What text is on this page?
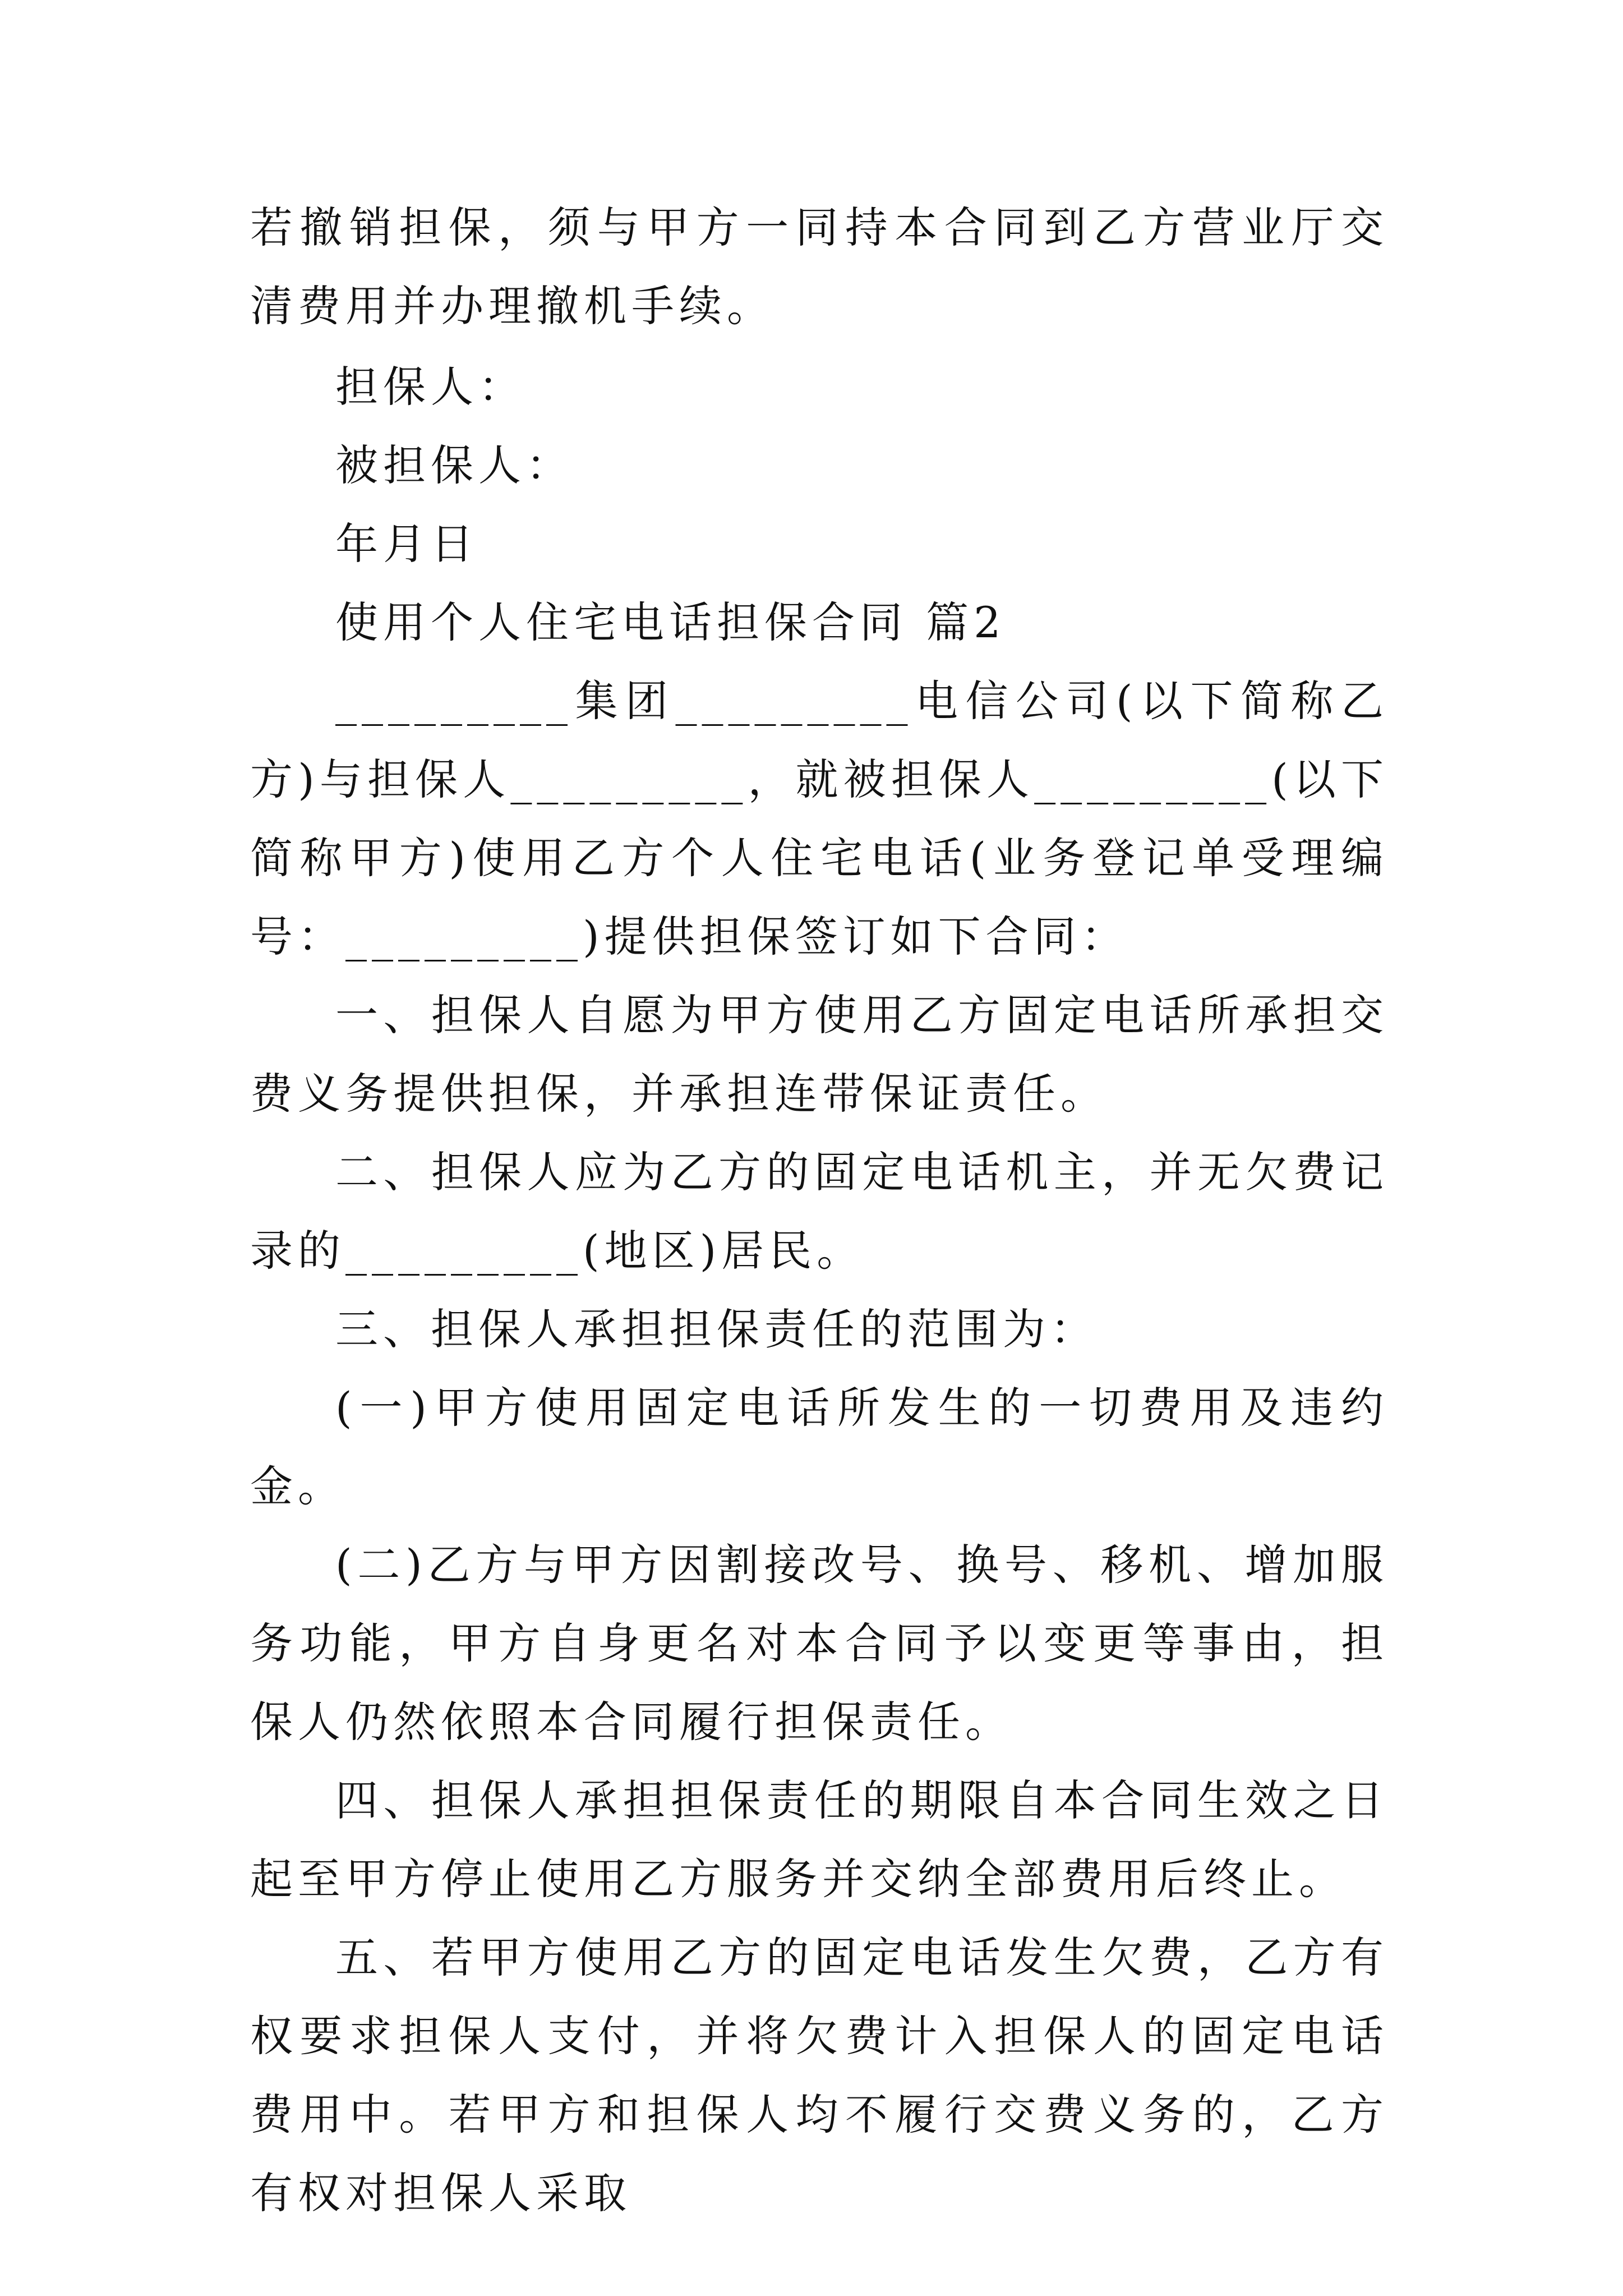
若撤销担保，须与甲方一同持本合同到乙方营业厅交清费用并办理撤机手续。

担保人：

被担保人：

年月日

使用个人住宅电话担保合同 篇2

_________集团_________电信公司(以下简称乙方)与担保人_________，就被担保人_________(以下简称甲方)使用乙方个人住宅电话(业务登记单受理编号：_________)提供担保签订如下合同：

一、担保人自愿为甲方使用乙方固定电话所承担交费义务提供担保，并承担连带保证责任。

二、担保人应为乙方的固定电话机主，并无欠费记录的_________(地区)居民。

三、担保人承担担保责任的范围为：

(一)甲方使用固定电话所发生的一切费用及违约金。

(二)乙方与甲方因割接改号、换号、移机、增加服务功能，甲方自身更名对本合同予以变更等事由，担保人仍然依照本合同履行担保责任。

四、担保人承担担保责任的期限自本合同生效之日起至甲方停止使用乙方服务并交纳全部费用后终止。

五、若甲方使用乙方的固定电话发生欠费，乙方有权要求担保人支付，并将欠费计入担保人的固定电话费用中。若甲方和担保人均不履行交费义务的，乙方有权对担保人采取
